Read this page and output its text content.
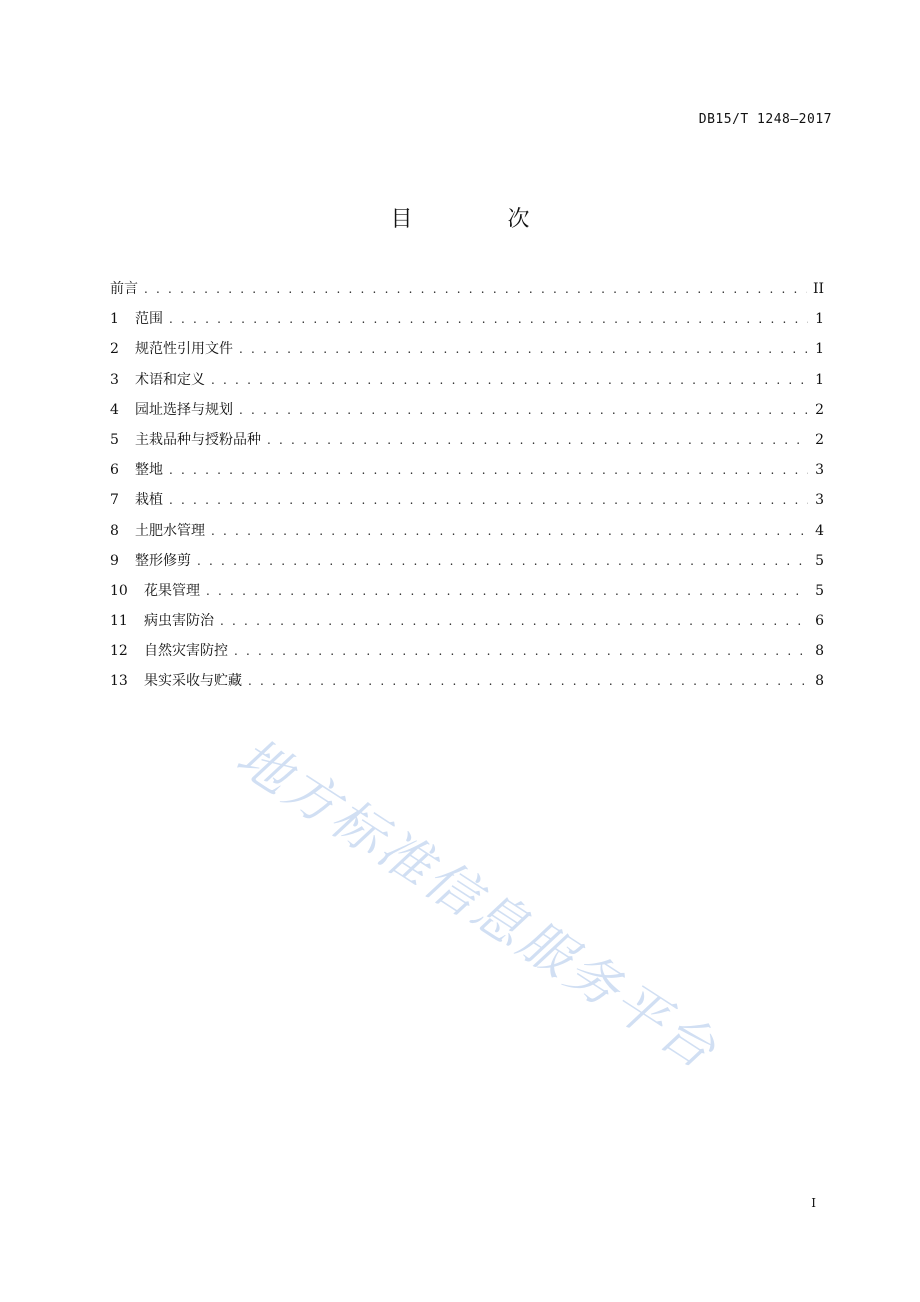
DB15/T 1248—2017
目 次
前言 . . .	II
1	范围 . . .	1
2	规范性引用文件 . . .	1
3	术语和定义 . . .	1
4	园址选择与规划 . . .	2
5	主栽品种与授粉品种 . . .	2
6	整地 . . .	3
7	栽植 . . .	3
8	土肥水管理 . . .	4
9	整形修剪 . . .	5
10	花果管理 . . .	5
11	病虫害防治 . . .	6
12	自然灾害防控 . . .	8
13	果实采收与贮藏 . . .	8
地方标准信息服务平台
I
